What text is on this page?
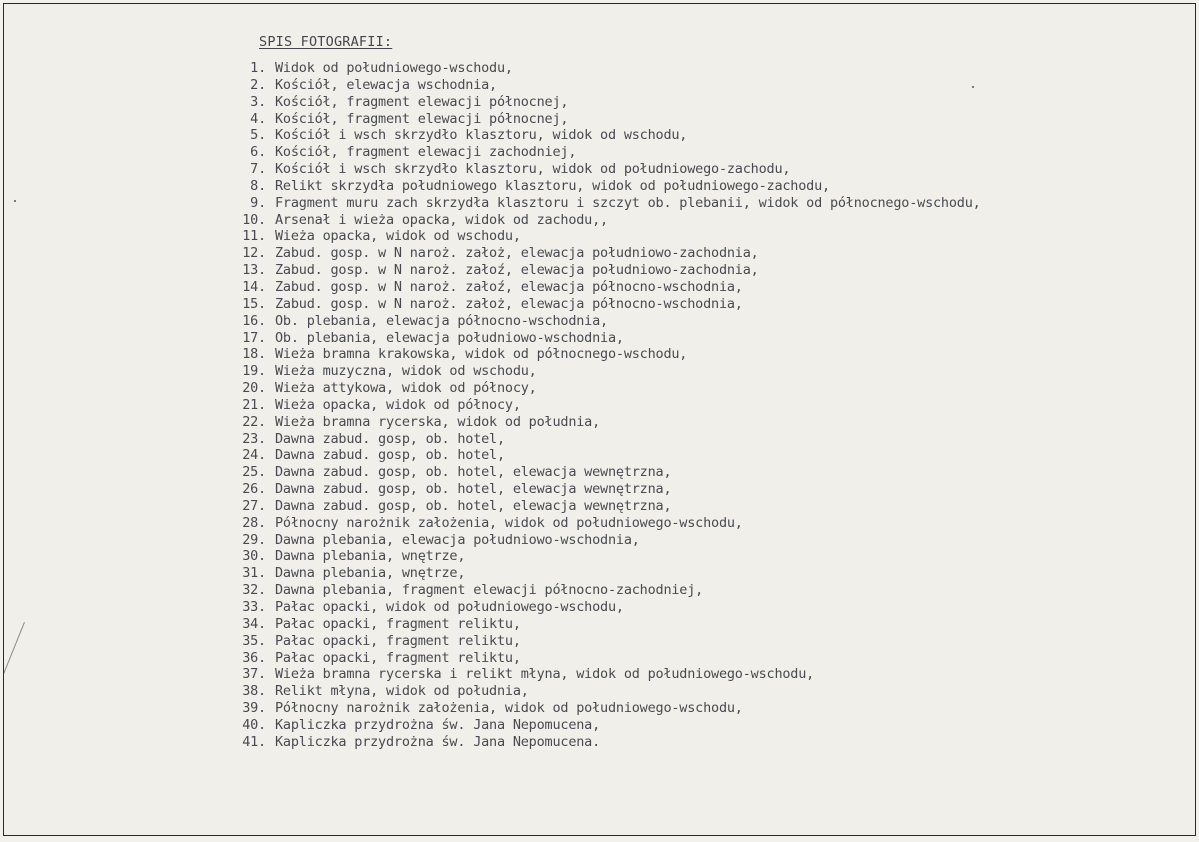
SPIS FOTOGRAFII:
1. Widok od południowego-wschodu,
2. Kościół, elewacja wschodnia,
3. Kościół, fragment elewacji północnej,
4. Kościół, fragment elewacji północnej,
5. Kościół i wsch skrzydło klasztoru, widok od wschodu,
6. Kościół, fragment elewacji zachodniej,
7. Kościół i wsch skrzydło klasztoru, widok od południowego-zachodu,
8. Relikt skrzydła południowego klasztoru, widok od południowego-zachodu,
9. Fragment muru zach skrzydła klasztoru i szczyt ob. plebanii, widok od północnego-wschodu,
10. Arsenał i wieża opacka, widok od zachodu,,
11. Wieża opacka, widok od wschodu,
12. Zabud. gosp. w N naroż. założ, elewacja południowo-zachodnia,
13. Zabud. gosp. w N naroż. załoź, elewacja południowo-zachodnia,
14. Zabud. gosp. w N naroż. załoź, elewacja północno-wschodnia,
15. Zabud. gosp. w N naroż. założ, elewacja północno-wschodnia,
16. Ob. plebania, elewacja północno-wschodnia,
17. Ob. plebania, elewacja południowo-wschodnia,
18. Wieża bramna krakowska, widok od północnego-wschodu,
19. Wieża muzyczna, widok od wschodu,
20. Wieża attykowa, widok od północy,
21. Wieża opacka, widok od północy,
22. Wieża bramna rycerska, widok od południa,
23. Dawna zabud. gosp, ob. hotel,
24. Dawna zabud. gosp, ob. hotel,
25. Dawna zabud. gosp, ob. hotel, elewacja wewnętrzna,
26. Dawna zabud. gosp, ob. hotel, elewacja wewnętrzna,
27. Dawna zabud. gosp, ob. hotel, elewacja wewnętrzna,
28. Północny narożnik założenia, widok od południowego-wschodu,
29. Dawna plebania, elewacja południowo-wschodnia,
30. Dawna plebania, wnętrze,
31. Dawna plebania, wnętrze,
32. Dawna plebania, fragment elewacji północno-zachodniej,
33. Pałac opacki, widok od południowego-wschodu,
34. Pałac opacki, fragment reliktu,
35. Pałac opacki, fragment reliktu,
36. Pałac opacki, fragment reliktu,
37. Wieża bramna rycerska i relikt młyna, widok od południowego-wschodu,
38. Relikt młyna, widok od południa,
39. Północny narożnik założenia, widok od południowego-wschodu,
40. Kapliczka przydrożna św. Jana Nepomucena,
41. Kapliczka przydrożna św. Jana Nepomucena.
